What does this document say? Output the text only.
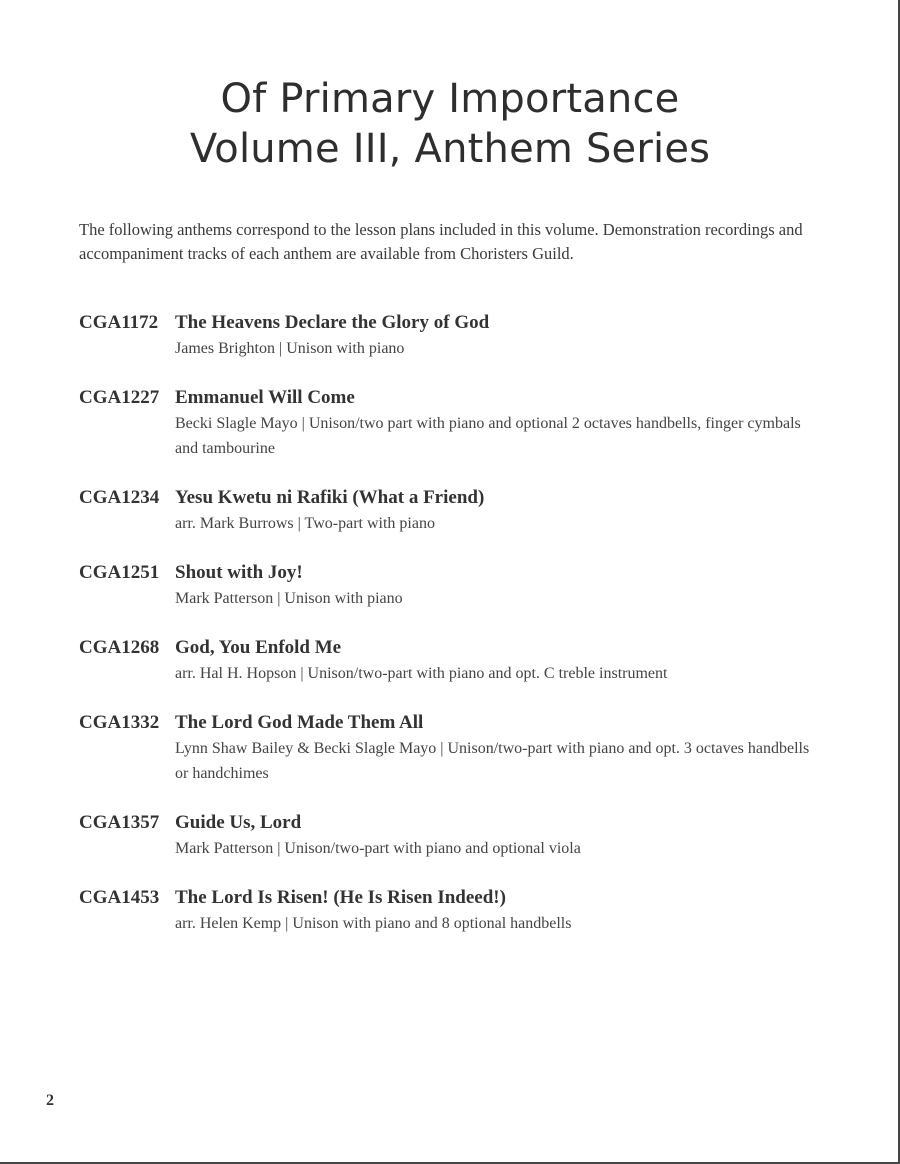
Of Primary Importance
Volume III, Anthem Series
The following anthems correspond to the lesson plans included in this volume. Demonstration recordings and accompaniment tracks of each anthem are available from Choristers Guild.
CGA1172 The Heavens Declare the Glory of God
James Brighton | Unison with piano
CGA1227 Emmanuel Will Come
Becki Slagle Mayo | Unison/two part with piano and optional 2 octaves handbells, finger cymbals and tambourine
CGA1234 Yesu Kwetu ni Rafiki (What a Friend)
arr. Mark Burrows | Two-part with piano
CGA1251 Shout with Joy!
Mark Patterson | Unison with piano
CGA1268 God, You Enfold Me
arr. Hal H. Hopson | Unison/two-part with piano and opt. C treble instrument
CGA1332 The Lord God Made Them All
Lynn Shaw Bailey & Becki Slagle Mayo | Unison/two-part with piano and opt. 3 octaves handbells or handchimes
CGA1357 Guide Us, Lord
Mark Patterson | Unison/two-part with piano and optional viola
CGA1453 The Lord Is Risen! (He Is Risen Indeed!)
arr. Helen Kemp | Unison with piano and 8 optional handbells
2
